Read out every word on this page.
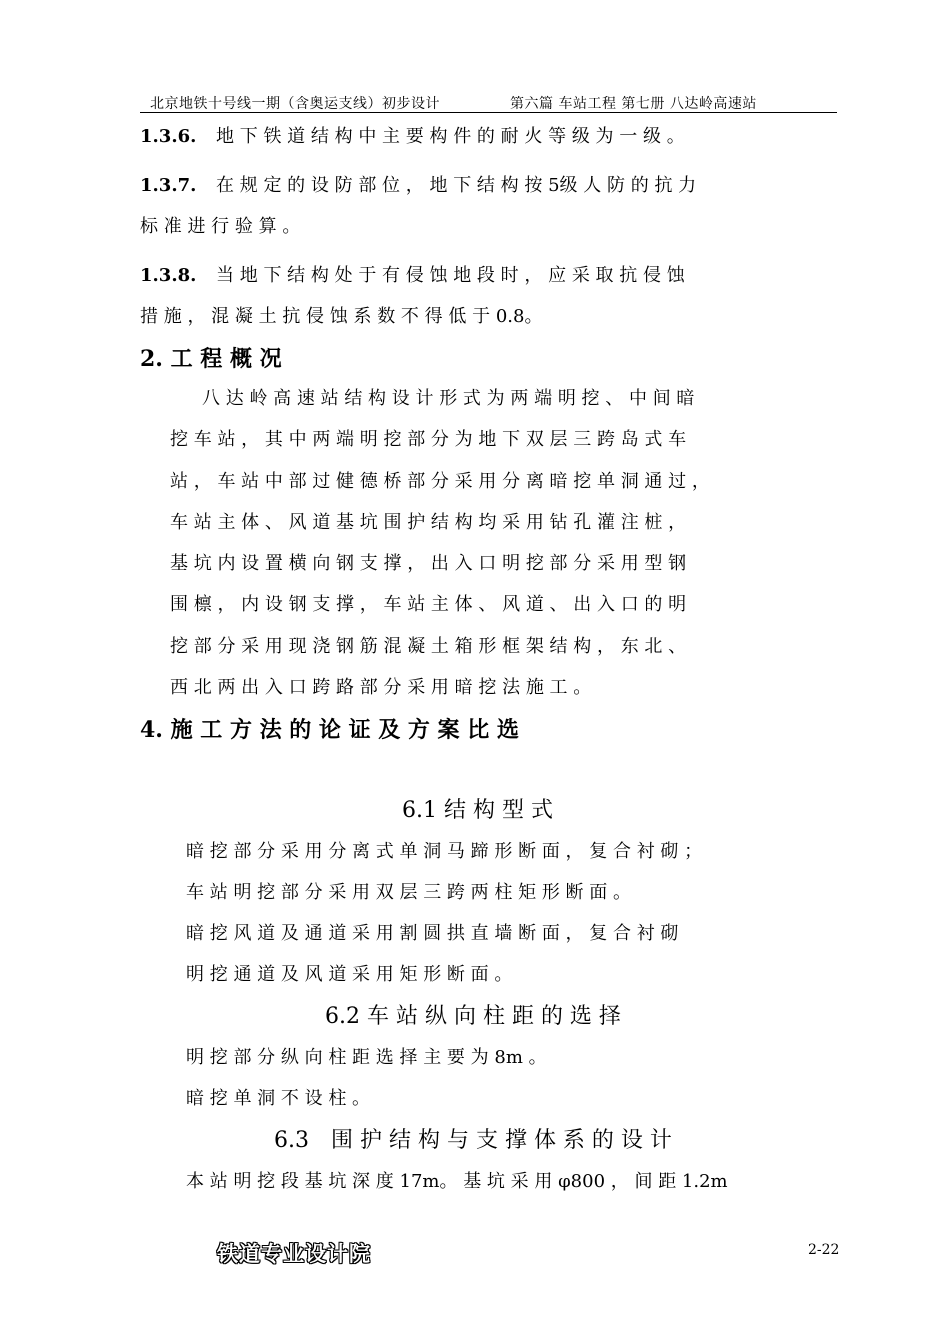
北京地铁十号线一期（含奥运支线）初步设计	第六篇 车站工程 第七册 八达岭高速站
1.3.6. 地 下 铁 道 结 构 中 主 要 构 件 的 耐 火 等 级 为 一 级 。
1.3.7. 在 规 定 的 设 防 部 位 ， 地 下 结 构 按 5级 人 防 的 抗 力
标 准 进 行 验 算 。
1.3.8. 当 地 下 结 构 处 于 有 侵 蚀 地 段 时 ， 应 采 取 抗 侵 蚀
措 施 ， 混 凝 土 抗 侵 蚀 系 数 不 得 低 于 0.8。
2. 工 程 概 况
八 达 岭 高 速 站 结 构 设 计 形 式 为 两 端 明 挖 、 中 间 暗
挖 车 站 ， 其 中 两 端 明 挖 部 分 为 地 下 双 层 三 跨 岛 式 车
站 ， 车 站 中 部 过 健 德 桥 部 分 采 用 分 离 暗 挖 单 洞 通 过 ，
车 站 主 体 、 风 道 基 坑 围 护 结 构 均 采 用 钻 孔 灌 注 桩 ，
基 坑 内 设 置 横 向 钢 支 撑 ， 出 入 口 明 挖 部 分 采 用 型 钢
围 檩 ， 内 设 钢 支 撑 ， 车 站 主 体 、 风 道 、 出 入 口 的 明
挖 部 分 采 用 现 浇 钢 筋 混 凝 土 箱 形 框 架 结 构 ， 东 北 、
西 北 两 出 入 口 跨 路 部 分 采 用 暗 挖 法 施 工 。
4. 施 工 方 法 的 论 证 及 方 案 比 选
6.1 结 构 型 式
暗 挖 部 分 采 用 分 离 式 单 洞 马 蹄 形 断 面 ， 复 合 衬 砌 ；
车 站 明 挖 部 分 采 用 双 层 三 跨 两 柱 矩 形 断 面 。
暗 挖 风 道 及 通 道 采 用 割 圆 拱 直 墙 断 面 ， 复 合 衬 砌
明 挖 通 道 及 风 道 采 用 矩 形 断 面 。
6.2 车 站 纵 向 柱 距 的 选 择
明 挖 部 分 纵 向 柱 距 选 择 主 要 为 8m 。
暗 挖 单 洞 不 设 柱 。
6.3　围 护 结 构 与 支 撑 体 系 的 设 计
本 站 明 挖 段 基 坑 深 度 17m。 基 坑 采 用 φ800 ， 间 距 1.2m
铁道专业设计院	2-22
